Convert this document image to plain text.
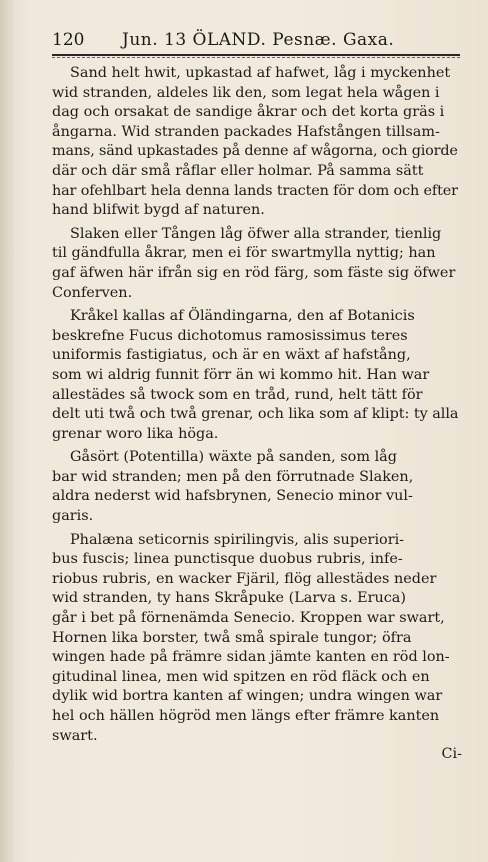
120 Jun. 13 ÖLAND. Pesnæ. Gaxa.
Sand helt hwit, upkastad af hafwet, låg i myckenhet
wid stranden, aldeles lik den, som legat hela wågen i
dag och orsakat de sandige åkrar och det korta gräs i
ångarna. Wid stranden packades Hafstången tillsam-
mans, sänd upkastades på denne af wågorna, och giorde
där och där små råflar eller holmar. På samma sätt
har ofehlbart hela denna lands tracten för dom och efter
hand blifwit bygd af naturen.
Slaken eller Tången låg öfwer alla strander, tienlig
til gändfulla åkrar, men ei för swartmylla nyttig; han
gaf äfwen här ifrån sig en röd färg, som fäste sig öfwer
Conferven.
Kråkel kallas af Öländingarna, den af Botanicis
beskrefne Fucus dichotomus ramosissimus teres
uniformis fastigiatus, och är en wäxt af hafstång,
som wi aldrig funnit förr än wi kommo hit. Han war
allestädes så twock som en tråd, rund, helt tätt för
delt uti twå och twå grenar, och lika som af klipt: ty alla
grenar woro lika höga.
Gåsört (Potentilla) wäxte på sanden, som låg
bar wid stranden; men på den förrutnade Slaken,
aldra nederst wid hafsbrynen, Senecio minor vul-
garis.
Phalæna seticornis spirilingvis, alis superiori-
bus fuscis; linea punctisque duobus rubris, infe-
riobus rubris, en wacker Fjäril, flög allestädes neder
wid stranden, ty hans Skråpuke (Larva s. Eruca)
går i bet på förnenämda Senecio. Kroppen war swart,
Hornen lika borster, twå små spirale tungor; öfra
wingen hade på främre sidan jämte kanten en röd lon-
gitudinal linea, men wid spitzen en röd fläck och en
dylik wid bortra kanten af wingen; undra wingen war
hel och hällen högröd men längs efter främre kanten
swart.
Ci-
